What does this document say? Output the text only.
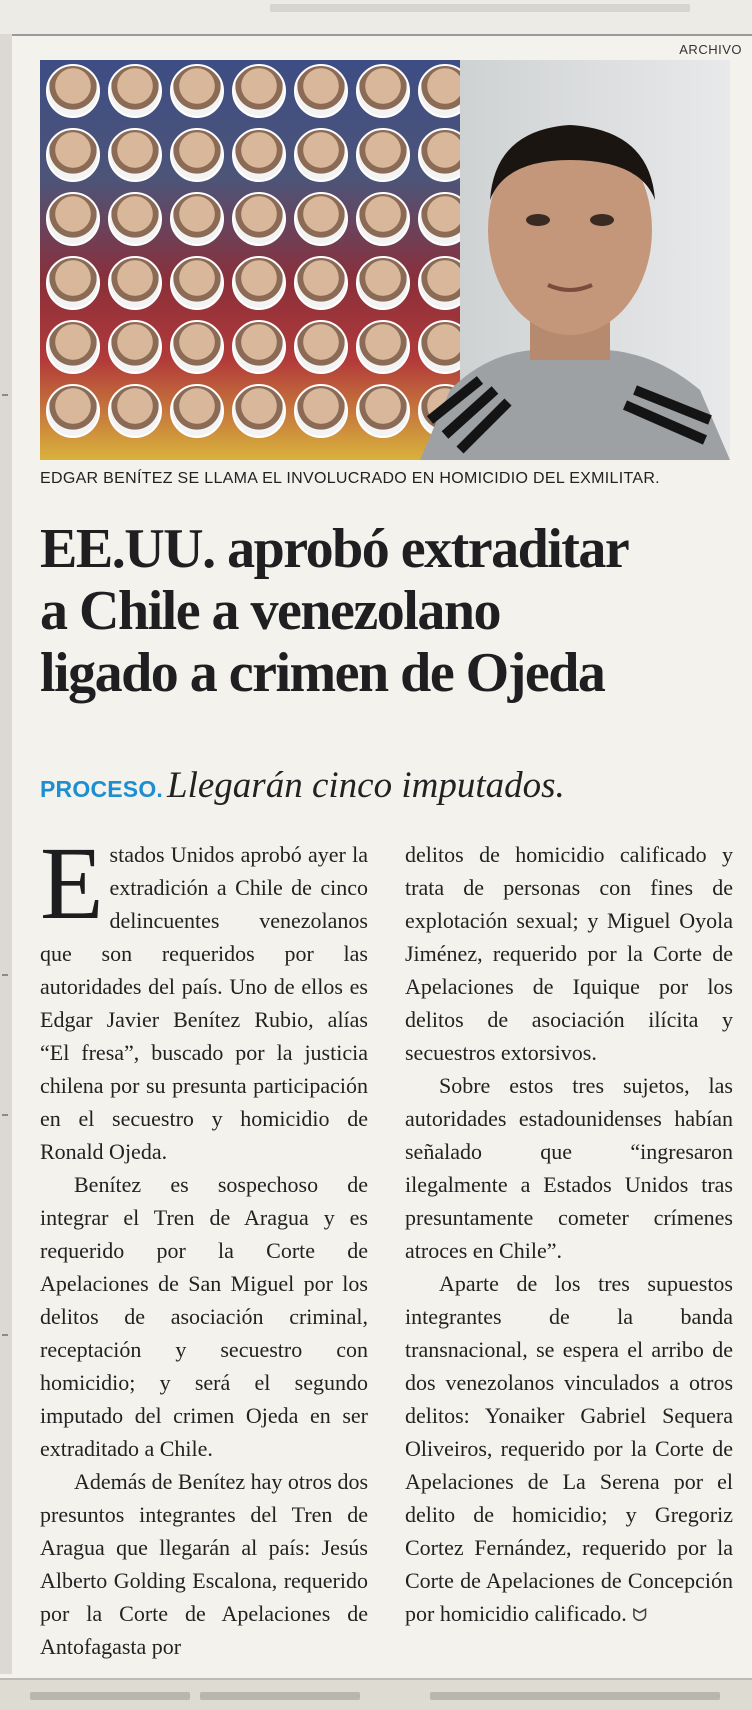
ARCHIVO
EDGAR BENÍTEZ SE LLAMA EL INVOLUCRADO EN HOMICIDIO DEL EXMILITAR.
EE.UU. aprobó extraditar
a Chile a venezolano
ligado a crimen de Ojeda
PROCESO. Llegarán cinco imputados.

Estados Unidos aprobó ayer la extradición a Chile de cinco delincuentes venezolanos que son requeridos por las autoridades del país. Uno de ellos es Edgar Javier Benítez Rubio, alías “El fresa”, buscado por la justicia chilena por su presunta participación en el secuestro y homicidio de Ronald Ojeda.

Benítez es sospechoso de integrar el Tren de Aragua y es requerido por la Corte de Apelaciones de San Miguel por los delitos de asociación criminal, receptación y secuestro con homicidio; y será el segundo imputado del crimen Ojeda en ser extraditado a Chile.

Además de Benítez hay otros dos presuntos integrantes del Tren de Aragua que llegarán al país: Jesús Alberto Golding Escalona, requerido por la Corte de Apelaciones de Antofagasta por

delitos de homicidio calificado y trata de personas con fines de explotación sexual; y Miguel Oyola Jiménez, requerido por la Corte de Apelaciones de Iquique por los delitos de asociación ilícita y secuestros extorsivos.

Sobre estos tres sujetos, las autoridades estadounidenses habían señalado que “ingresaron ilegalmente a Estados Unidos tras presuntamente cometer crímenes atroces en Chile”.

Aparte de los tres supuestos integrantes de la banda transnacional, se espera el arribo de dos venezolanos vinculados a otros delitos: Yonaiker Gabriel Sequera Oliveiros, requerido por la Corte de Apelaciones de La Serena por el delito de homicidio; y Gregoriz Cortez Fernández, requerido por la Corte de Apelaciones de Concepción por homicidio calificado. ᗢ
